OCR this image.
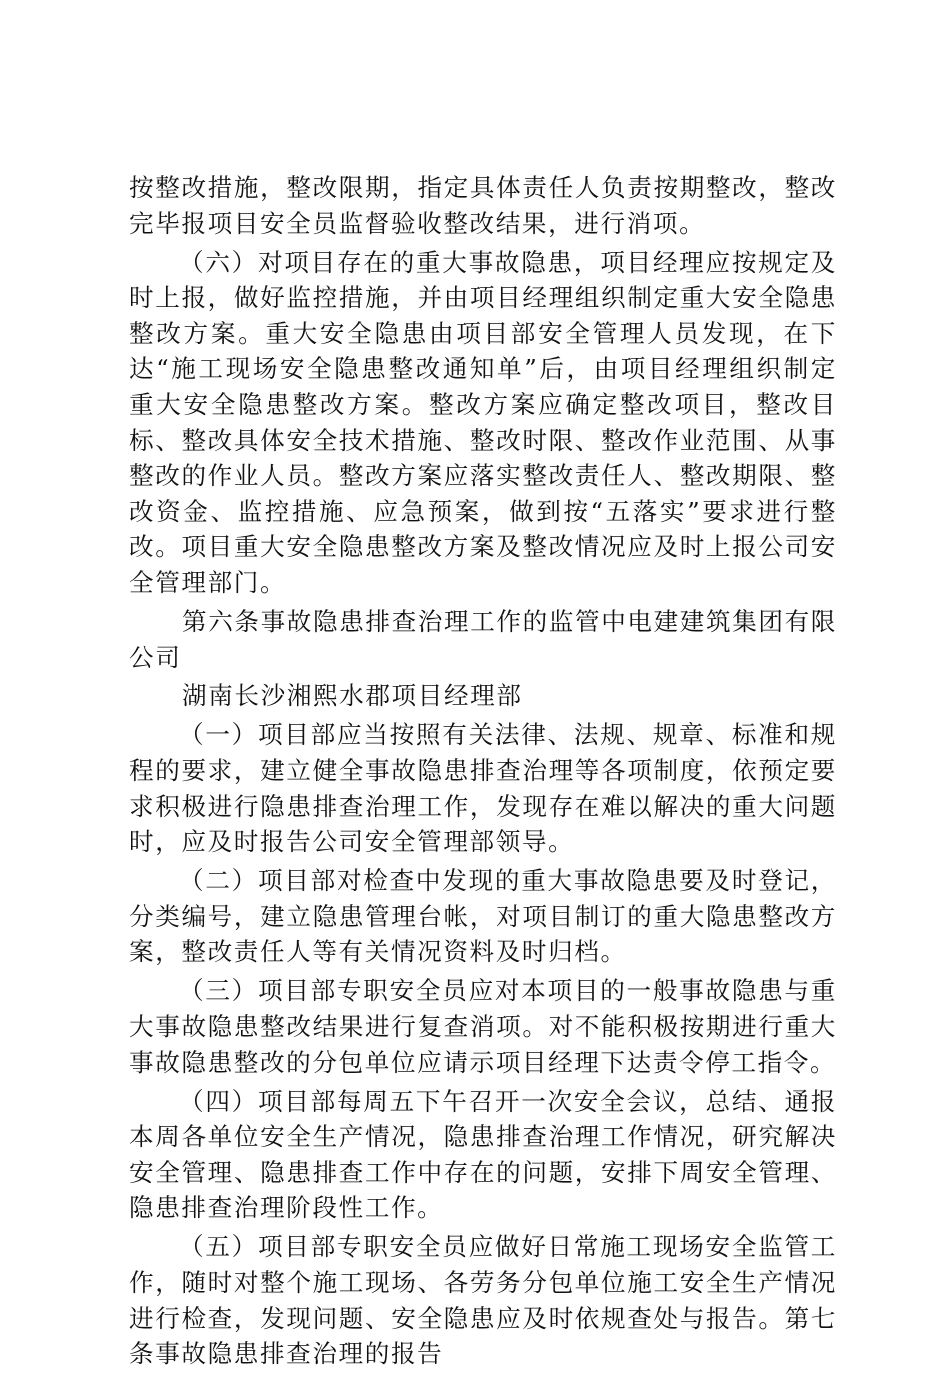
按整改措施，整改限期，指定具体责任人负责按期整改，整改完毕报项目安全员监督验收整改结果，进行消项。

（六）对项目存在的重大事故隐患，项目经理应按规定及时上报，做好监控措施，并由项目经理组织制定重大安全隐患整改方案。重大安全隐患由项目部安全管理人员发现，在下达“施工现场安全隐患整改通知单”后，由项目经理组织制定重大安全隐患整改方案。整改方案应确定整改项目，整改目标、整改具体安全技术措施、整改时限、整改作业范围、从事整改的作业人员。整改方案应落实整改责任人、整改期限、整改资金、监控措施、应急预案，做到按“五落实”要求进行整改。项目重大安全隐患整改方案及整改情况应及时上报公司安全管理部门。

第六条事故隐患排查治理工作的监管中电建建筑集团有限公司

湖南长沙湘熙水郡项目经理部

（一）项目部应当按照有关法律、法规、规章、标准和规程的要求，建立健全事故隐患排查治理等各项制度，依预定要求积极进行隐患排查治理工作，发现存在难以解决的重大问题时，应及时报告公司安全管理部领导。

（二）项目部对检查中发现的重大事故隐患要及时登记，分类编号，建立隐患管理台帐，对项目制订的重大隐患整改方案，整改责任人等有关情况资料及时归档。

（三）项目部专职安全员应对本项目的一般事故隐患与重大事故隐患整改结果进行复查消项。对不能积极按期进行重大事故隐患整改的分包单位应请示项目经理下达责令停工指令。

（四）项目部每周五下午召开一次安全会议，总结、通报本周各单位安全生产情况，隐患排查治理工作情况，研究解决安全管理、隐患排查工作中存在的问题，安排下周安全管理、隐患排查治理阶段性工作。

（五）项目部专职安全员应做好日常施工现场安全监管工作，随时对整个施工现场、各劳务分包单位施工安全生产情况进行检查，发现问题、安全隐患应及时依规查处与报告。第七条事故隐患排查治理的报告
